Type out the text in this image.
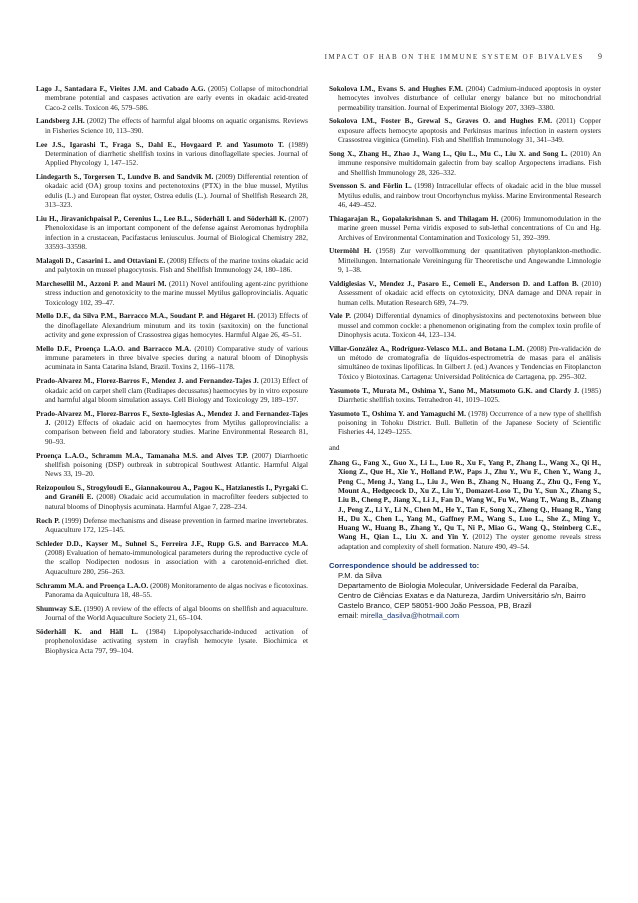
IMPACT OF HAB ON THE IMMUNE SYSTEM OF BIVALVES 9

Lago J., Santadara F., Vieites J.M. and Cabado A.G. (2005) Collapse of mitochondrial membrane potential and caspases activation are early events in okadaic acid-treated Caco-2 cells. Toxicon 46, 579–586.

Landsberg J.H. (2002) The effects of harmful algal blooms on aquatic organisms. Reviews in Fisheries Science 10, 113–390.

Lee J.S., Igarashi T., Fraga S., Dahl E., Hovgaard P. and Yasumoto T. (1989) Determination of diarrhetic shellfish toxins in various dinoflagellate species. Journal of Applied Phycology 1, 147–152.

Lindegarth S., Torgersen T., Lundve B. and Sandvik M. (2009) Differential retention of okadaic acid (OA) group toxins and pectenotoxins (PTX) in the blue mussel, Mytilus edulis (L.) and European flat oyster, Ostrea edulis (L.). Journal of Shellfish Research 28, 313–323.

Liu H., Jiravanichpaisal P., Cerenius L., Lee B.L., Söderhäll I. and Söderhäll K. (2007) Phenoloxidase is an important component of the defense against Aeromonas hydrophila infection in a crustacean, Pacifastacus leniusculus. Journal of Biological Chemistry 282, 33593–33598.

Malagoli D., Casarini L. and Ottaviani E. (2008) Effects of the marine toxins okadaic acid and palytoxin on mussel phagocytosis. Fish and Shellfish Immunology 24, 180–186.

Marchesellil M., Azzoni P. and Mauri M. (2011) Novel antifouling agent-zinc pyrithione stress induction and genotoxicity to the marine mussel Mytilus galloprovincialis. Aquatic Toxicology 102, 39–47.

Mello D.F., da Silva P.M., Barracco M.A., Soudant P. and Hégaret H. (2013) Effects of the dinoflagellate Alexandrium minutum and its toxin (saxitoxin) on the functional activity and gene expression of Crassostrea gigas hemocytes. Harmful Algae 26, 45–51.

Mello D.F., Proença L.A.O. and Barracco M.A. (2010) Comparative study of various immune parameters in three bivalve species during a natural bloom of Dinophysis acuminata in Santa Catarina Island, Brazil. Toxins 2, 1166–1178.

Prado-Alvarez M., Florez-Barros F., Mendez J. and Fernandez-Tajes J. (2013) Effect of okadaic acid on carpet shell clam (Ruditapes decussatus) haemocytes by in vitro exposure and harmful algal bloom simulation assays. Cell Biology and Toxicology 29, 189–197.

Prado-Alvarez M., Florez-Barros F., Sexto-Iglesias A., Mendez J. and Fernandez-Tajes J. (2012) Effects of okadaic acid on haemocytes from Mytilus galloprovincialis: a comparison between field and laboratory studies. Marine Environmental Research 81, 90–93.

Proença L.A.O., Schramm M.A., Tamanaha M.S. and Alves T.P. (2007) Diarrhoetic shellfish poisoning (DSP) outbreak in subtropical Southwest Atlantic. Harmful Algal News 33, 19–20.

Reizopoulou S., Strogyloudi E., Giannakourou A., Pagou K., Hatzianestis I., Pyrgaki C. and Granéli E. (2008) Okadaic acid accumulation in macrofilter feeders subjected to natural blooms of Dinophysis acuminata. Harmful Algae 7, 228–234.

Roch P. (1999) Defense mechanisms and disease prevention in farmed marine invertebrates. Aquaculture 172, 125–145.

Schleder D.D., Kayser M., Suhnel S., Ferreira J.F., Rupp G.S. and Barracco M.A. (2008) Evaluation of hemato-immunological parameters during the reproductive cycle of the scallop Nodipecten nodosus in association with a carotenoid-enriched diet. Aquaculture 280, 256–263.

Schramm M.A. and Proença L.A.O. (2008) Monitoramento de algas nocivas e ficotoxinas. Panorama da Aquicultura 18, 48–55.

Shumway S.E. (1990) A review of the effects of algal blooms on shellfish and aquaculture. Journal of the World Aquaculture Society 21, 65–104.

Söderhäll K. and Häll L. (1984) Lipopolysaccharide-induced activation of prophenoloxidase activating system in crayfish hemocyte lysate. Biochimica et Biophysica Acta 797, 99–104.

Sokolova I.M., Evans S. and Hughes F.M. (2004) Cadmium-induced apoptosis in oyster hemocytes involves disturbance of cellular energy balance but no mitochondrial permeability transition. Journal of Experimental Biology 207, 3369–3380.

Sokolova I.M., Foster B., Grewal S., Graves O. and Hughes F.M. (2011) Copper exposure affects hemocyte apoptosis and Perkinsus marinus infection in eastern oysters Crassostrea virginica (Gmelin). Fish and Shellfish Immunology 31, 341–349.

Song X., Zhang H., Zhao J., Wang L., Qiu L., Mu C., Liu X. and Song L. (2010) An immune responsive multidomain galectin from bay scallop Argopectens irradians. Fish and Shellfish Immunology 28, 326–332.

Svensson S. and Förlin L. (1998) Intracellular effects of okadaic acid in the blue mussel Mytilus edulis, and rainbow trout Oncorhynchus mykiss. Marine Environmental Research 46, 449–452.

Thiagarajan R., Gopalakrishnan S. and Thilagam H. (2006) Immunomodulation in the marine green mussel Perna viridis exposed to sub-lethal concentrations of Cu and Hg. Archives of Environmental Contamination and Toxicology 51, 392–399.

Utermöhl H. (1958) Zur vervollkommung der quantitativen phytoplankton-methodic. Mitteilungen. Internationale Vereiningung für Theoretische und Angewandte Limnologie 9, 1–38.

Valdiglesias V., Mendez J., Pasaro E., Cemeli E., Anderson D. and Laffon B. (2010) Assessment of okadaic acid effects on cytotoxicity, DNA damage and DNA repair in human cells. Mutation Research 689, 74–79.

Vale P. (2004) Differential dynamics of dinophysistoxins and pectenotoxins between blue mussel and common cockle: a phenomenon originating from the complex toxin profile of Dinophysis acuta. Toxicon 44, 123–134.

Villar-González A., Rodríguez-Velasco M.L. and Botana L.M. (2008) Pre-validación de un método de cromatografía de líquidos-espectrometría de masas para el análisis simultáneo de toxinas lipofílicas. In Gilbert J. (ed.) Avances y Tendencias en Fitoplancton Tóxico y Biotoxinas. Cartagena: Universidad Politécnica de Cartagena, pp. 295–302.

Yasumoto T., Murata M., Oshima Y., Sano M., Matsumoto G.K. and Clardy J. (1985) Diarrhetic shellfish toxins. Tetrahedron 41, 1019–1025.

Yasumoto T., Oshima Y. and Yamaguchi M. (1978) Occurrence of a new type of shellfish poisoning in Tohoku District. Bull. Bulletin of the Japanese Society of Scientific Fisheries 44, 1249–1255.

and

Zhang G., Fang X., Guo X., Li L., Luo R., Xu F., Yang P., Zhang L., Wang X., Qi H., Xiong Z., Que H., Xie Y., Holland P.W., Paps J., Zhu Y., Wu F., Chen Y., Wang J., Peng C., Meng J., Yang L., Liu J., Wen B., Zhang N., Huang Z., Zhu Q., Feng Y., Mount A., Hedgecock D., Xu Z., Liu Y., Domazet-Loso T., Du Y., Sun X., Zhang S., Liu B., Cheng P., Jiang X., Li J., Fan D., Wang W., Fu W., Wang T., Wang B., Zhang J., Peng Z., Li Y., Li N., Chen M., He Y., Tan F., Song X., Zheng Q., Huang R., Yang H., Du X., Chen L., Yang M., Gaffney P.M., Wang S., Luo L., She Z., Ming Y., Huang W., Huang B., Zhang Y., Qu T., Ni P., Miao G., Wang Q., Steinberg C.E., Wang H., Qian L., Liu X. and Yin Y. (2012) The oyster genome reveals stress adaptation and complexity of shell formation. Nature 490, 49–54.

Correspondence should be addressed to:
P.M. da Silva
Departamento de Biologia Molecular, Universidade Federal da Paraíba, Centro de Ciências Exatas e da Natureza, Jardim Universitário s/n, Bairro Castelo Branco, CEP 58051-900 João Pessoa, PB, Brazil
email: mirella_dasilva@hotmail.com
